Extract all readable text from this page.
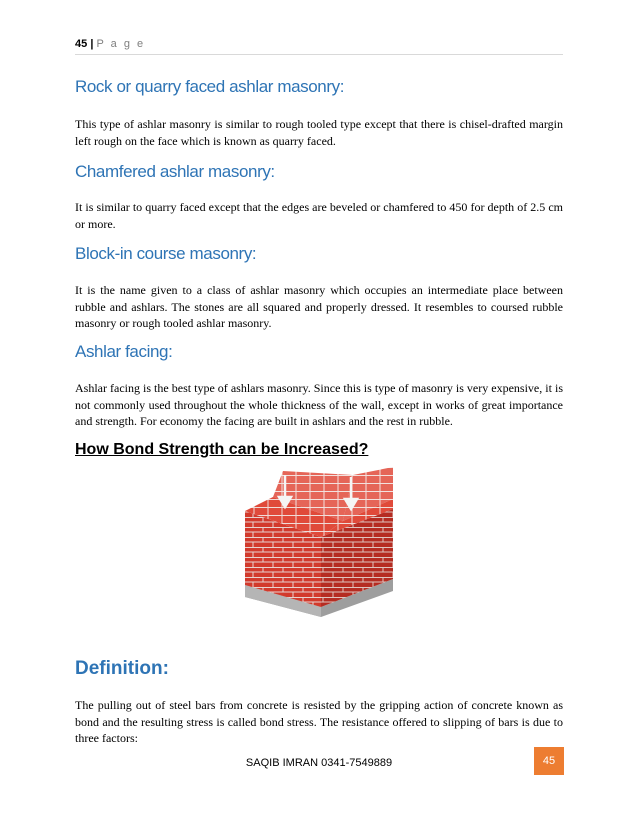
45 | P a g e
Rock or quarry faced ashlar masonry:

This type of ashlar masonry is similar to rough tooled type except that there is chisel-drafted margin left rough on the face which is known as quarry faced.

Chamfered ashlar masonry:

It is similar to quarry faced except that the edges are beveled or chamfered to 450 for depth of 2.5 cm or more.

Block-in course masonry:

It is the name given to a class of ashlar masonry which occupies an intermediate place between rubble and ashlars. The stones are all squared and properly dressed. It resembles to coursed rubble masonry or rough tooled ashlar masonry.

Ashlar facing:

Ashlar facing is the best type of ashlars masonry. Since this is type of masonry is very expensive, it is not commonly used throughout the whole thickness of the wall, except in works of great importance and strength. For economy the facing are built in ashlars and the rest in rubble.

How Bond Strength can be Increased?
Definition:

The pulling out of steel bars from concrete is resisted by the gripping action of concrete known as bond and the resulting stress is called bond stress. The resistance offered to slipping of bars is due to three factors:

SAQIB IMRAN 0341-7549889	45
